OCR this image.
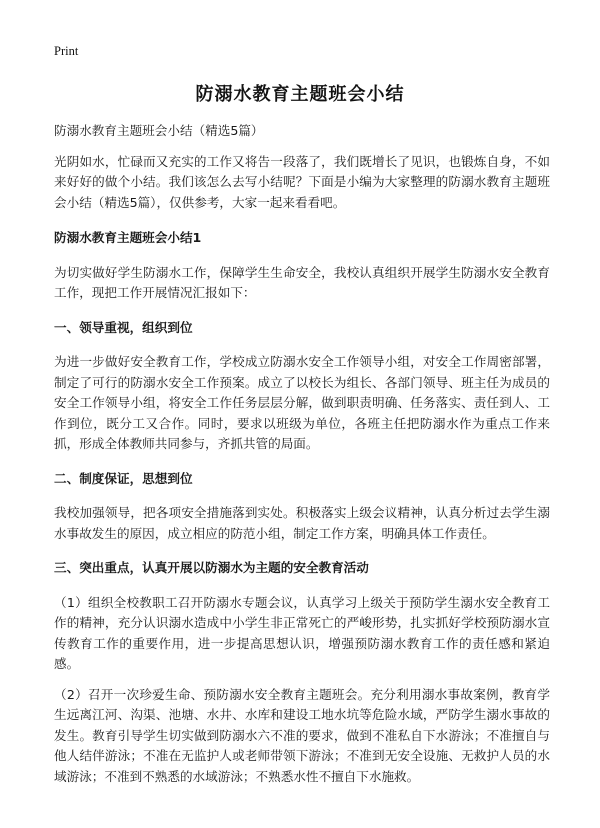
Print
防溺水教育主题班会小结

防溺水教育主题班会小结（精选5篇）

光阴如水，忙碌而又充实的工作又将告一段落了，我们既增长了见识，也锻炼自身，不如来好好的做个小结。我们该怎么去写小结呢？下面是小编为大家整理的防溺水教育主题班会小结（精选5篇），仅供参考，大家一起来看看吧。

防溺水教育主题班会小结1

为切实做好学生防溺水工作，保障学生生命安全，我校认真组织开展学生防溺水安全教育工作，现把工作开展情况汇报如下：

一、领导重视，组织到位

为进一步做好安全教育工作，学校成立防溺水安全工作领导小组，对安全工作周密部署，制定了可行的防溺水安全工作预案。成立了以校长为组长、各部门领导、班主任为成员的安全工作领导小组，将安全工作任务层层分解，做到职责明确、任务落实、责任到人、工作到位，既分工又合作。同时，要求以班级为单位，各班主任把防溺水作为重点工作来抓，形成全体教师共同参与，齐抓共管的局面。

二、制度保证，思想到位

我校加强领导，把各项安全措施落到实处。积极落实上级会议精神，认真分析过去学生溺水事故发生的原因，成立相应的防范小组，制定工作方案，明确具体工作责任。

三、突出重点，认真开展以防溺水为主题的安全教育活动

（1）组织全校教职工召开防溺水专题会议，认真学习上级关于预防学生溺水安全教育工作的精神，充分认识溺水造成中小学生非正常死亡的严峻形势，扎实抓好学校预防溺水宣传教育工作的重要作用，进一步提高思想认识，增强预防溺水教育工作的责任感和紧迫感。

（2）召开一次珍爱生命、预防溺水安全教育主题班会。充分利用溺水事故案例，教育学生远离江河、沟渠、池塘、水井、水库和建设工地水坑等危险水域，严防学生溺水事故的发生。教育引导学生切实做到防溺水六不准的要求，做到不准私自下水游泳；不准擅自与他人结伴游泳；不准在无监护人或老师带领下游泳；不准到无安全设施、无救护人员的水域游泳；不准到不熟悉的水域游泳；不熟悉水性不擅自下水施救。
